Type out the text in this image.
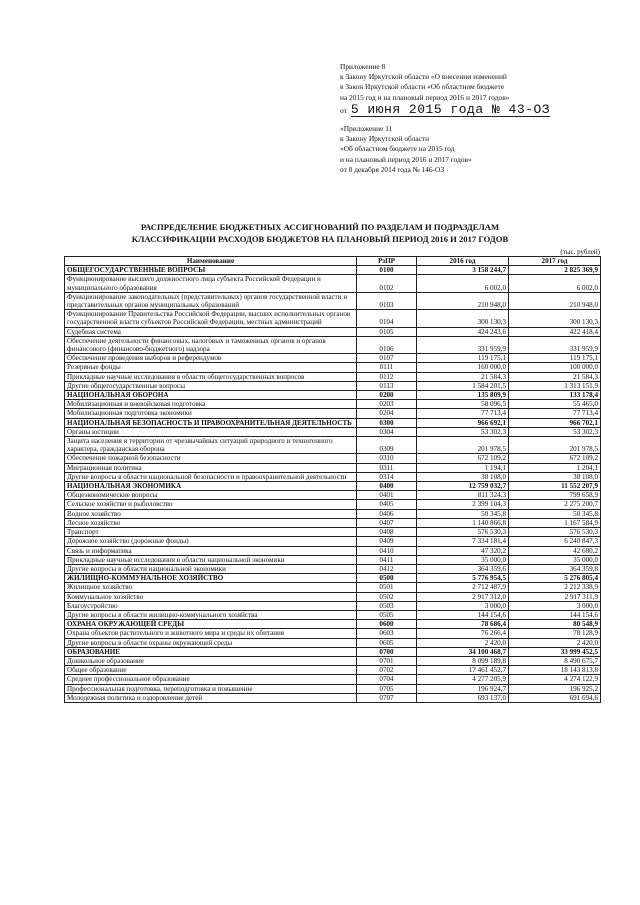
Приложение 8
к Закону Иркутской области «О внесении изменений
в Закон Иркутской области «Об областном бюджете
на 2015 год и на плановый период 2016 и 2017 годов»
от 5 июня 2015 года № 43-ОЗ
«Приложение 11
к Закону Иркутской области
«Об областном бюджете на 2015 год
и на плановый период 2016 и 2017 годов»
от 8 декабря 2014 года № 146-ОЗ
РАСПРЕДЕЛЕНИЕ БЮДЖЕТНЫХ АССИГНОВАНИЙ ПО РАЗДЕЛАМ И ПОДРАЗДЕЛАМ
КЛАССИФИКАЦИИ РАСХОДОВ БЮДЖЕТОВ НА ПЛАНОВЫЙ ПЕРИОД 2016 И 2017 ГОДОВ
(тыс. рублей)
Наименование	РзПР	2016 год	2017 год
ОБЩЕГОСУДАРСТВЕННЫЕ ВОПРОСЫ	0100	3 158 244,7	2 825 369,9
Функционирование высшего должностного лица субъекта Российской Федерации и муниципального образования	0102	6 002,0	6 002,0
Функционирование законодательных (представительных) органов государственной власти и представительных органов муниципальных образований	0103	210 948,0	210 948,0
Функционирование Правительства Российской Федерации, высших исполнительных органов государственной власти субъектов Российской Федерации, местных администраций	0104	300 130,3	300 130,3
Судебная система	0105	424 243,6	422 418,4
Обеспечение деятельности финансовых, налоговых и таможенных органов и органов финансового (финансово-бюджетного) надзора	0106	331 959,9	331 959,9
Обеспечение проведения выборов и референдумов	0107	119 175,1	119 175,1
Резервные фонды	0111	160 000,0	100 000,0
Прикладные научные исследования в области общегосударственных вопросов	0112	21 584,3	21 584,3
Другие общегосударственные вопросы	0113	1 584 201,5	1 313 151,9
НАЦИОНАЛЬНАЯ ОБОРОНА	0200	135 809,9	133 178,4
Мобилизационная и вневойсковая подготовка	0203	58 096,5	55 465,0
Мобилизационная подготовка экономики	0204	77 713,4	77 713,4
НАЦИОНАЛЬНАЯ БЕЗОПАСНОСТЬ И ПРАВООХРАНИТЕЛЬНАЯ ДЕЯТЕЛЬНОСТЬ	0300	966 692,1	966 702,1
Органы юстиции	0304	53 302,3	53 302,3
Защита населения и территории от чрезвычайных ситуаций природного и техногенного характера, гражданская оборона	0309	201 978,5	201 978,5
Обеспечение пожарной безопасности	0310	672 109,2	672 109,2
Миграционная политика	0311	1 194,1	1 204,1
Другие вопросы в области национальной безопасности и правоохранительной деятельности	0314	38 108,0	38 108,0
НАЦИОНАЛЬНАЯ ЭКОНОМИКА	0400	12 759 032,7	11 552 207,9
Общеэкономические вопросы	0401	811 324,3	799 658,9
Сельское хозяйство и рыболовство	0405	2 399 104,3	2 275 200,7
Водное хозяйство	0406	50 345,8	50 345,8
Лесное хозяйство	0407	1 140 866,8	1 167 584,9
Транспорт	0408	576 530,3	576 530,3
Дорожное хозяйство (дорожные фонды)	0409	7 334 181,4	6 240 847,3
Связь и информатика	0410	47 320,2	42 680,2
Прикладные научные исследования в области национальной экономики	0411	35 000,0	35 000,0
Другие вопросы в области национальной экономики	0412	364 359,6	364 359,8
ЖИЛИЩНО-КОММУНАЛЬНОЕ ХОЗЯЙСТВО	0500	5 776 954,5	5 276 805,4
Жилищное хозяйство	0501	2 712 487,9	2 212 338,9
Коммунальное хозяйство	0502	2 917 312,0	2 917 311,9
Благоустройство	0503	3 000,0	3 000,0
Другие вопросы в области жилищно-коммунального хозяйства	0505	144 154,6	144 154,6
ОХРАНА ОКРУЖАЮЩЕЙ СРЕДЫ	0600	78 686,4	80 548,9
Охрана объектов растительного и животного мира и среды их обитания	0603	76 266,4	78 128,9
Другие вопросы в области охраны окружающей среды	0605	2 420,0	2 420,0
ОБРАЗОВАНИЕ	0700	34 100 468,7	33 999 452,5
Дошкольное образование	0701	8 099 189,8	8 490 675,7
Общее образование	0702	17 461 452,7	18 143 813,8
Среднее профессиональное образование	0704	4 277 205,9	4 274 122,9
Профессиональная подготовка, переподготовка и повышение	0705	196 924,7	196 925,2
Молодежная политика и оздоровление детей	0707	693 137,0	691 694,6
